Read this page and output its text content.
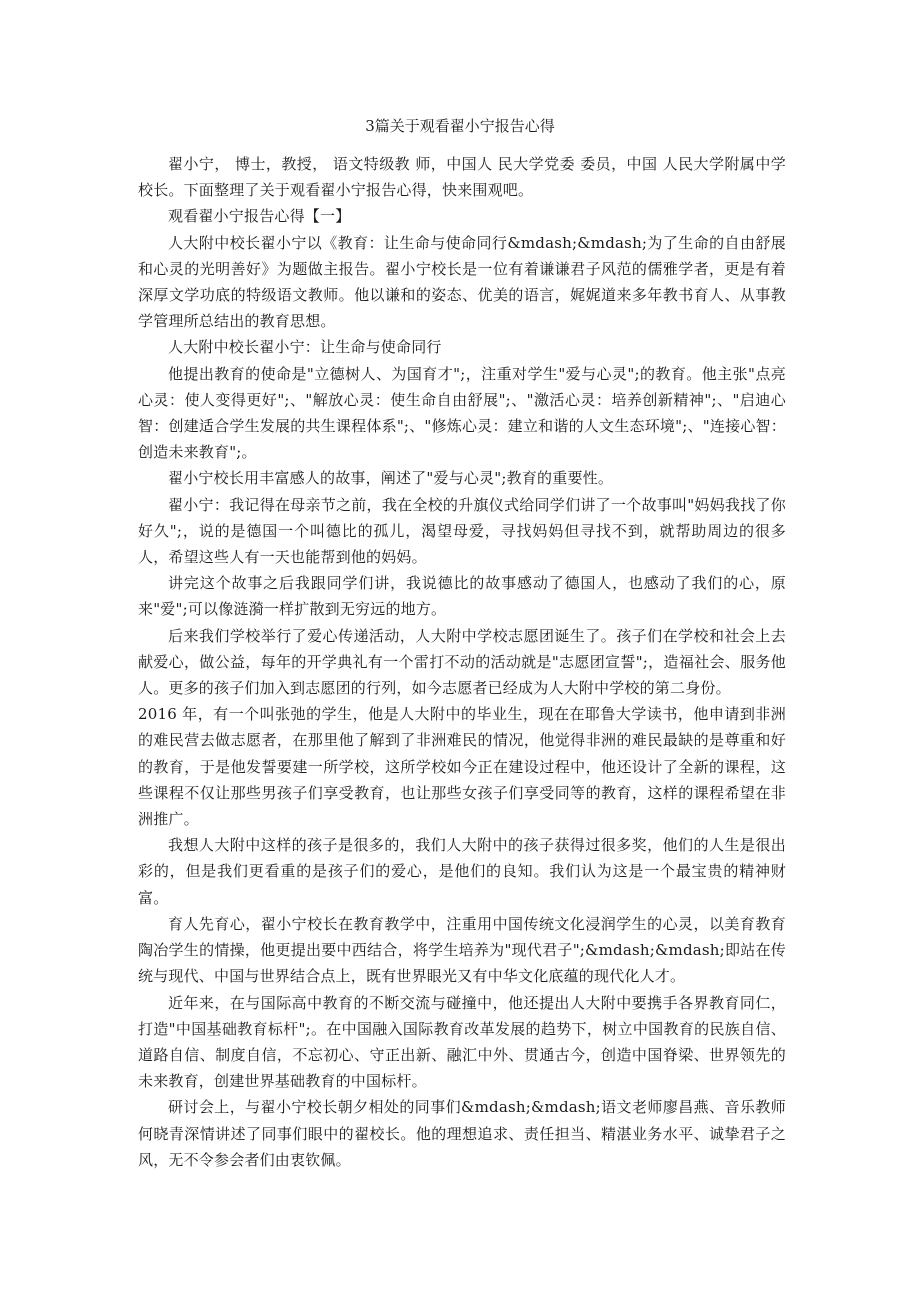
3篇关于观看翟小宁报告心得

翟小宁， 博士，教授， 语文特级教 师，中国人 民大学党委 委员，中国 人民大学附属中学校长。下面整理了关于观看翟小宁报告心得，快来围观吧。

观看翟小宁报告心得【一】

人大附中校长翟小宁以《教育：让生命与使命同行&mdash;&mdash;为了生命的自由舒展和心灵的光明善好》为题做主报告。翟小宁校长是一位有着谦谦君子风范的儒雅学者，更是有着深厚文学功底的特级语文教师。他以谦和的姿态、优美的语言，娓娓道来多年教书育人、从事教学管理所总结出的教育思想。

人大附中校长翟小宁：让生命与使命同行

他提出教育的使命是"立德树人、为国育才";，注重对学生"爱与心灵";的教育。他主张"点亮心灵：使人变得更好";、"解放心灵：使生命自由舒展";、"激活心灵：培养创新精神";、"启迪心智：创建适合学生发展的共生课程体系";、"修炼心灵：建立和谐的人文生态环境";、"连接心智：创造未来教育";。

翟小宁校长用丰富感人的故事，阐述了"爱与心灵";教育的重要性。

翟小宁：我记得在母亲节之前，我在全校的升旗仪式给同学们讲了一个故事叫"妈妈我找了你好久";，说的是德国一个叫德比的孤儿，渴望母爱，寻找妈妈但寻找不到，就帮助周边的很多人，希望这些人有一天也能帮到他的妈妈。

讲完这个故事之后我跟同学们讲，我说德比的故事感动了德国人，也感动了我们的心，原来"爱";可以像涟漪一样扩散到无穷远的地方。

后来我们学校举行了爱心传递活动，人大附中学校志愿团诞生了。孩子们在学校和社会上去献爱心，做公益，每年的开学典礼有一个雷打不动的活动就是"志愿团宣誓";，造福社会、服务他人。更多的孩子们加入到志愿团的行列，如今志愿者已经成为人大附中学校的第二身份。

2016 年，有一个叫张弛的学生，他是人大附中的毕业生，现在在耶鲁大学读书，他申请到非洲的难民营去做志愿者，在那里他了解到了非洲难民的情况，他觉得非洲的难民最缺的是尊重和好的教育，于是他发誓要建一所学校，这所学校如今正在建设过程中，他还设计了全新的课程，这些课程不仅让那些男孩子们享受教育，也让那些女孩子们享受同等的教育，这样的课程希望在非洲推广。

我想人大附中这样的孩子是很多的，我们人大附中的孩子获得过很多奖，他们的人生是很出彩的，但是我们更看重的是孩子们的爱心，是他们的良知。我们认为这是一个最宝贵的精神财富。

育人先育心，翟小宁校长在教育教学中，注重用中国传统文化浸润学生的心灵，以美育教育陶冶学生的情操，他更提出要中西结合，将学生培养为"现代君子";&mdash;&mdash;即站在传统与现代、中国与世界结合点上，既有世界眼光又有中华文化底蕴的现代化人才。

近年来，在与国际高中教育的不断交流与碰撞中，他还提出人大附中要携手各界教育同仁，打造"中国基础教育标杆";。在中国融入国际教育改革发展的趋势下，树立中国教育的民族自信、道路自信、制度自信，不忘初心、守正出新、融汇中外、贯通古今，创造中国脊梁、世界领先的未来教育，创建世界基础教育的中国标杆。

研讨会上，与翟小宁校长朝夕相处的同事们&mdash;&mdash;语文老师廖昌燕、音乐教师何晓青深情讲述了同事们眼中的翟校长。他的理想追求、责任担当、精湛业务水平、诚挚君子之风，无不令参会者们由衷钦佩。
